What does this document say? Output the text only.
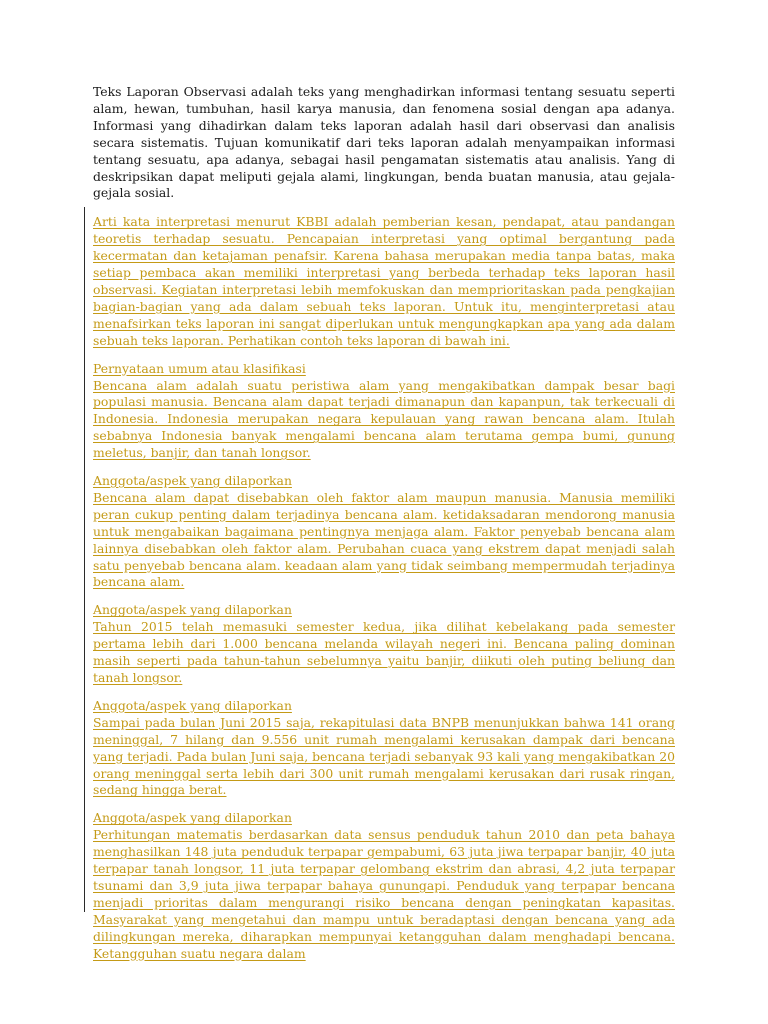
Teks Laporan Observasi adalah teks yang menghadirkan informasi tentang sesuatu seperti alam, hewan, tumbuhan, hasil karya manusia, dan fenomena sosial dengan apa adanya. Informasi yang dihadirkan dalam teks laporan adalah hasil dari observasi dan analisis secara sistematis. Tujuan komunikatif dari teks laporan adalah menyampaikan informasi tentang sesuatu, apa adanya, sebagai hasil pengamatan sistematis atau analisis. Yang di deskripsikan dapat meliputi gejala alami, lingkungan, benda buatan manusia, atau gejala-gejala sosial.

Arti kata interpretasi menurut KBBI adalah pemberian kesan, pendapat, atau pandangan teoretis terhadap sesuatu. Pencapaian interpretasi yang optimal bergantung pada kecermatan dan ketajaman penafsir. Karena bahasa merupakan media tanpa batas, maka setiap pembaca akan memiliki interpretasi yang berbeda terhadap teks laporan hasil observasi. Kegiatan interpretasi lebih memfokuskan dan memprioritaskan pada pengkajian bagian-bagian yang ada dalam sebuah teks laporan. Untuk itu, menginterpretasi atau menafsirkan teks laporan ini sangat diperlukan untuk mengungkapkan apa yang ada dalam sebuah teks laporan. Perhatikan contoh teks laporan di bawah ini.

Pernyataan umum atau klasifikasi
Bencana alam adalah suatu peristiwa alam yang mengakibatkan dampak besar bagi populasi manusia. Bencana alam dapat terjadi dimanapun dan kapanpun, tak terkecuali di Indonesia. Indonesia merupakan negara kepulauan yang rawan bencana alam. Itulah sebabnya Indonesia banyak mengalami bencana alam terutama gempa bumi, gunung meletus, banjir, dan tanah longsor.
Anggota/aspek yang dilaporkan
Bencana alam dapat disebabkan oleh faktor alam maupun manusia. Manusia memiliki peran cukup penting dalam terjadinya bencana alam. ketidaksadaran mendorong manusia untuk mengabaikan bagaimana pentingnya menjaga alam. Faktor penyebab bencana alam lainnya disebabkan oleh faktor alam. Perubahan cuaca yang ekstrem dapat menjadi salah satu penyebab bencana alam. keadaan alam yang tidak seimbang mempermudah terjadinya bencana alam.
Anggota/aspek yang dilaporkan
Tahun 2015 telah memasuki semester kedua, jika dilihat kebelakang pada semester pertama lebih dari 1.000 bencana melanda wilayah negeri ini. Bencana paling dominan masih seperti pada tahun-tahun sebelumnya yaitu banjir, diikuti oleh puting beliung dan tanah longsor.
Anggota/aspek yang dilaporkan
Sampai pada bulan Juni 2015 saja, rekapitulasi data BNPB menunjukkan bahwa 141 orang meninggal, 7 hilang dan 9.556 unit rumah mengalami kerusakan dampak dari bencana yang terjadi. Pada bulan Juni saja, bencana terjadi sebanyak 93 kali yang mengakibatkan 20 orang meninggal serta lebih dari 300 unit rumah mengalami kerusakan dari rusak ringan, sedang hingga berat.
Anggota/aspek yang dilaporkan
Perhitungan matematis berdasarkan data sensus penduduk tahun 2010 dan peta bahaya menghasilkan 148 juta penduduk terpapar gempabumi, 63 juta jiwa terpapar banjir, 40 juta terpapar tanah longsor, 11 juta terpapar gelombang ekstrim dan abrasi, 4,2 juta terpapar tsunami dan 3,9 juta jiwa terpapar bahaya gunungapi. Penduduk yang terpapar bencana menjadi prioritas dalam mengurangi risiko bencana dengan peningkatan kapasitas. Masyarakat yang mengetahui dan mampu untuk beradaptasi dengan bencana yang ada dilingkungan mereka, diharapkan mempunyai ketangguhan dalam menghadapi bencana. Ketangguhan suatu negara dalam
